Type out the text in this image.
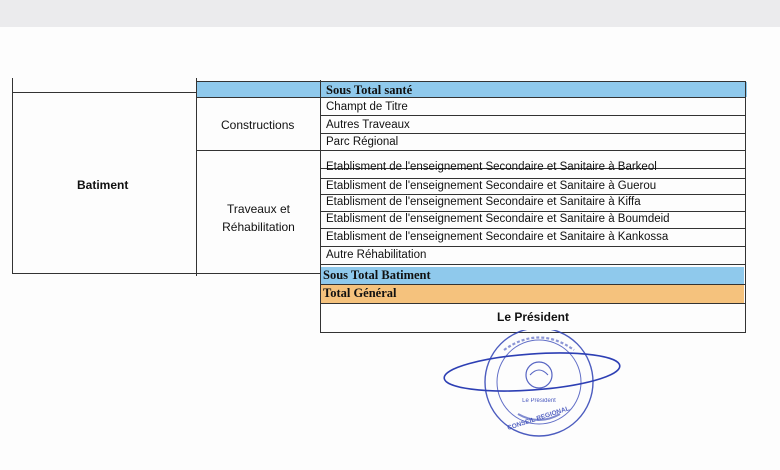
Sous Total santé
Batiment
Constructions
Traveaux et
Réhabilitation
Champt de Titre
Autres Traveaux
Parc Régional
Etablisment de l'enseignement Secondaire et Sanitaire à Barkeol
Etablisment de l'enseignement Secondaire et Sanitaire à Guerou
Etablisment de l'enseignement Secondaire et Sanitaire à Kiffa
Etablisment de l'enseignement Secondaire et Sanitaire à Boumdeid
Etablisment de l'enseignement Secondaire et Sanitaire à Kankossa
Autre Réhabilitation
Sous Total Batiment
Total Général
Le Président
Le Président
CONSEIL REGIONAL
